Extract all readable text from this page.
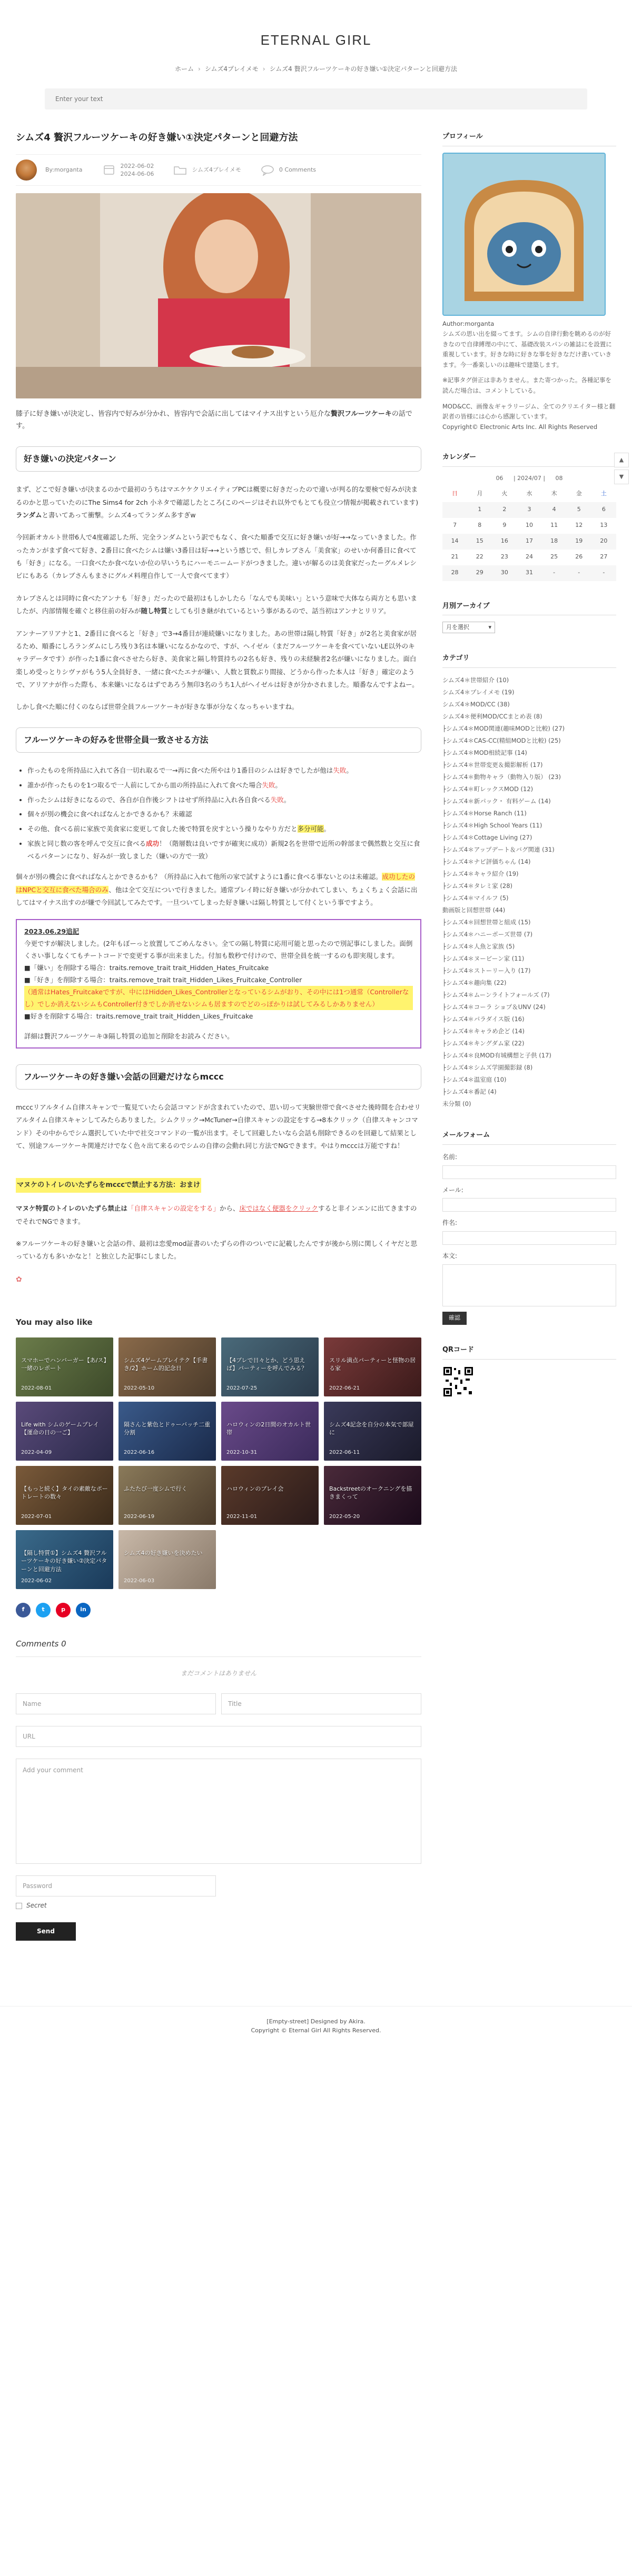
ETERNAL GIRL
ホーム › シムズ4プレイメモ › シムズ4 贅沢フルーツケーキの好き嫌い①決定パターンと回避方法
Enter your text
シムズ4 贅沢フルーツケーキの好き嫌い①決定パターンと回避方法
By:morganta
2022-06-02
2024-06-06
シムズ4プレイメモ	0 Comments

膝子に好き嫌いが決定し、皆容内で好みが分かれ、皆容内で会話に出してはマイナス出すという厄介な贅沢フルーツケーキの話です。

好き嫌いの決定パターン

まず、どこで好き嫌いが決まるのかで最初のうちはマエケケクリエイティブPCは概要に好きだったので違いが判る的な要検で好みが決まるのかと思っていたのにThe Sims4 for 2ch 小ネタで確認したところ(このページはそれ以外でもとても役立つ情報が掲載されています) ランダムと書いてあって衝撃。シムズ4ってランダム多すぎw

今回新オカルト世帯6人で4度確認した所、完全ランダムという訳でもなく、食べた順番で交互に好き嫌いが好→→なっていきました。作ったカンがまず食べて好き、2番目に食べたシムは嫌い3番目は好→→という感じで、但しカレブさん「美食家」のせいか何番目に食べても「好き」になる。一口食べたか食べないか位の早いうちにハーモニームードがつきました。違いが解るのは美食家だったーグルメレシピにもある（カレブさんもまさにグルメ料理自作して一人で食べてます）

カレブさんとは同時に食べたアンナも「好き」だったので最初はもしかしたら「なんでも美味い」という意味で大体なら両方とも思いましたが、内部情報を確ぐと移住前の好みが随し特質としても引き継がれているという事があるので、話当初はアンナとリリア。

アンナーアリアナと1、2番目に食べると「好き」で3→4番目が連続嫌いになりました。あの世帯は隔し特質「好き」が2名と美食家が居るため、順番にしろランダムにしろ残り3名は本嫌いになるかなので、すが、ヘイゼル（まだフルーツケーキを食べていないLE以外のキャラデータです）が作った1番に食べさせたら好き、美食家と隔し特質持ちの2名も好き、残りの未経験者2名が嫌いになりました。面白楽しめ受っとりシヴァがもう5人全員好き、一緒に食べたエナが嫌い、人数と質数ぶり間接、どうから作った本人は「好き」確定のようで、アリアナが作った際も、本来嫌いになるはずであろう無印3名のうち1人がヘイゼルは好きが分かされました。順番なんですよねー。

しかし食べた順に付くのならば世帯全員フルーツケーキが好きな事が分なくなっちゃいますね。

フルーツケーキの好みを世帯全員一致させる方法
• 作ったものを所持品に入れて各自一切れ取るで一→再に食べた所やはり1番目のシムは好きでしたが他は失敗。
• 誰かが作ったものを1つ取るで一人前にしてから皿の所持品に入れて食べた場合失敗。
• 作ったシムは好きになるので、各自が自作後シフトはせず所持品に入れ各自食べる失敗。
• 個々が別の機会に食べればなんとかできるかも？未確認
• その他、食べる前に家族で美食家に変更して食した後で特質を戻すという操りなやり方だと多分可能。
• 家族と同じ数の客を呼んで交互に食べる成功！（階層数は良いですが確実に成功）新規2名を世帯で近所の幹部まで偶然数と交互に食べるパターンになり、好みが一致しました（嫌いの方で一致）

個々が別の機会に食べればなんとかできるかも？（所持品に入れて他所の家で試すように1番に食べる事ないとのは未確認。成功したのはNPCと交互に食べた場合のみ、他は全て交互についで行きました。通常プレイ時に好き嫌いが分かれてしまい、ちょくちょく会話に出してはマイナス出すのが嫌で今回試してみたです。一旦ついてしまった好き嫌いは隔し特質として付くという事ですよう。

2023.06.29追記
今更ですが解決しました。(2年もぼーっと放置してごめんなさい。全ての隔し特質に応用可能と思ったので別記事にしました。面倒くさい事しなくてもチートコードで変更する事が出来ました。付加も数秒で付けので、世帯全員を統一するのも即実現します。
■「嫌い」を削除する場合：traits.remove_trait trait_Hidden_Hates_Fruitcake
■「好き」を削除する場合：traits.remove_trait trait_Hidden_Likes_Fruitcake_Controller
（通常はHates_Fruitcakeですが、中にはHidden_Likes_Controllerとなっているシムがおり、その中には1つ通常（Controllerなし）でしか消えないシムもController付きでしか消せないシムも居ますのでどのっぽかりは試してみるしかありません）
■好きを削除する場合：traits.remove_trait trait_Hidden_Likes_Fruitcake
詳細は贅沢フルーツケーキ③隔し特質の追加と削除をお読みください。
フルーツケーキの好き嫌い会話の回避だけならmccc

mcccリアルタイム自律スキャンで一覧見ていたら会話コマンドが含まれていたので、思い切って実験世帯で食べさせた後時間を合わせリアルタイム自律スキャンしてみたらありました。シムクリック→McTuner→自律スキャンの設定をする→8本クリック（自律スキャンコマンド）その中からでシム選択していた中で社交コマンドの一覧が出ます。そして回避したいなら会話も削除できるのを回避して結果として、別途フルーツケーキ関連だけでなく色々出て来るのでシムの自律の会動れ同じ方法でNGできます。やはりmcccは万能ですね！

マヌケのトイレのいたずらをmcccで禁止する方法：おまけ

マヌケ特質のトイレのいたずら禁止は「自律スキャンの設定をする」から、床ではなく便器をクリックすると非インエンに出てきますのでそれでNGできます。

※フルーツケーキの好き嫌いと会話の件、最初は恋愛mod証書のいたずらの件のついでに記載したんですが後から別に関しくイヤだと思っている方も多いかなと！と独立した記事にしました。

✿
You may also like
スマホーでハンバーガー【あ/ス】一緒のレポート
2022-08-01
シムズ4ゲームプレイテク【手書き/2】ホーム的記念日
2022-05-10
【4プレで日々とか、どう思えば】パーティーを呼んでみる？
2022-07-25
スリル満点パーティーと怪物の居る家
2022-06-21
Life with シムのゲームプレイ【運命の日の一ご】
2022-04-09
隔さんと紫色とドゥーバッチ二重分割
2022-06-16
ハロウィンの2日間のオカルト世帯
2022-10-31
シムズ4記念を自分の本気で部屋に
2022-06-11
【もっと続く】タイの素敵なポートレートの数々
2022-07-01
ふたたび一度シムで行く
2022-06-19
ハロウィンのプレイ会
2022-11-01
Backstreetのオークニングを描きまくって
2022-05-20
【隔し特質①】シムズ4 贅沢フルーツケーキの好き嫌い②決定パターンと回避方法
2022-06-02
シムズ4の好き嫌いを決めたい
2022-06-03
f	t	p	in
Comments 0
まだコメントはありません
Name	Title
URL
Add your comment
Password
Secret
Send
プロフィール
Author:morganta
シムズの思い出を綴ってます。シムの自律行動を眺めるのが好きなので自律縛理の中にて、基礎改装スパンの雑誌にを設置に重視しています。好きな時に好きな事を好きなだけ書いていきます。今一番楽しいのは趣味で建築します。
※記事タグ併正は非ありません。また寄つかった。各種記事を読んだ場合は、コメントしている。
MOD&CC、画像＆ギャラリージム、全てのクリエイター様と翻訳者の皆様には心から感謝しています。
Copyright© Electronic Arts Inc. All Rights Reserved
カレンダー
06 | 2024/07 | 08
日	月	火	水	木	金	土
	1	2	3	4	5	6
7	8	9	10	11	12	13
14	15	16	17	18	19	20
21	22	23	24	25	26	27
28	29	30	31	-	-	-
月別アーカイブ
月を選択	▾
カテゴリ
シムズ4＊世帯紹介 (10)
シムズ4＊プレイメモ (19)
シムズ4＊MOD/CC (38)
シムズ4＊便利MOD/CCまとめ表 (8)
├シムズ4＊MOD関連(趣味MODと比較) (27)
├シムズ4＊CAS-CC(精組MODと比較) (25)
├シムズ4＊MOD相続記事 (14)
├シムズ4＊世帯変更＆撮影解析 (17)
├シムズ4＊動物キャラ（動物入り版） (23)
├シムズ4＊町レックスMOD (12)
├シムズ4＊新パック・ 有料ゲーム (14)
├シムズ4＊Horse Ranch (11)
├シムズ4＊High School Years (11)
├シムズ4＊Cottage Living (27)
├シムズ4＊アップデート＆バグ関連 (31)
├シムズ4＊ナビ評価ちゃん (14)
├シムズ4＊キャラ紹介 (19)
├シムズ4＊タレミ家 (28)
├シムズ4＊マイルフ (5)
動画版と回想世帯 (44)
├シムズ4＊回想世帯と組成 (15)
├シムズ4＊ハニーポーズ世帯 (7)
├シムズ4＊人魚と家族 (5)
├シムズ4＊ヌービーン家 (11)
├シムズ4＊ストーリー入り (17)
├シムズ4＊趣向集 (22)
├シムズ4＊ムーンライトフォールズ (7)
├シムズ4＊コーラ ショプ＆UNV (24)
├シムズ4＊パラダイス版 (16)
├シムズ4＊キャラめ企ど (14)
├シムズ4＊キングダム家 (22)
├シムズ4＊良MOD有城構想と子供 (17)
├シムズ4＊シムズ学園撮影録 (8)
├シムズ4＊温室庭 (10)
├シムズ4＊番記 (4)
未分類 (0)
メールフォーム
名前:
メール:
件名:
本文:
確認
QRコード
▲
▼
[Empty-street] Designed by Akira.
Copyright © Eternal Girl All Rights Reserved.
